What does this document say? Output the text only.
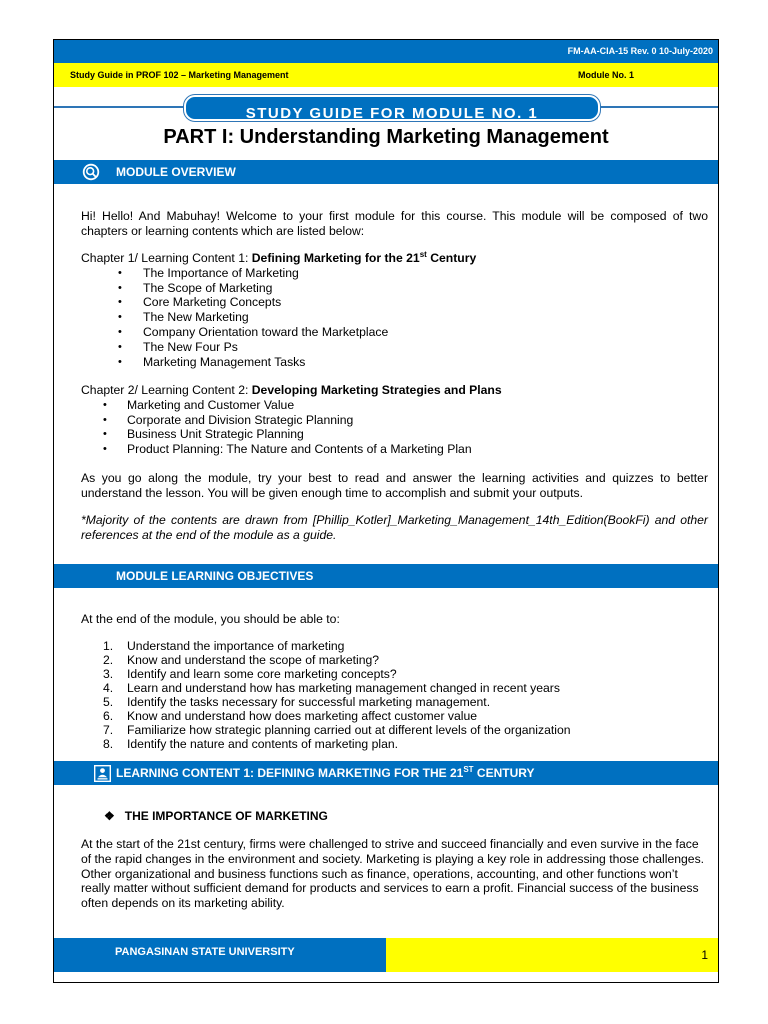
FM-AA-CIA-15 Rev. 0 10-July-2020
Study Guide in PROF 102 – Marketing Management	Module No. 1
STUDY GUIDE FOR MODULE NO. 1
PART I: Understanding Marketing Management
MODULE OVERVIEW
Hi! Hello! And Mabuhay! Welcome to your first module for this course. This module will be composed of two chapters or learning contents which are listed below:
Chapter 1/ Learning Content 1: Defining Marketing for the 21st Century
• The Importance of Marketing
• The Scope of Marketing
• Core Marketing Concepts
• The New Marketing
• Company Orientation toward the Marketplace
• The New Four Ps
• Marketing Management Tasks
Chapter 2/ Learning Content 2: Developing Marketing Strategies and Plans
• Marketing and Customer Value
• Corporate and Division Strategic Planning
• Business Unit Strategic Planning
• Product Planning: The Nature and Contents of a Marketing Plan
As you go along the module, try your best to read and answer the learning activities and quizzes to better understand the lesson. You will be given enough time to accomplish and submit your outputs.
*Majority of the contents are drawn from [Phillip_Kotler]_Marketing_Management_14th_Edition(BookFi) and other references at the end of the module as a guide.
MODULE LEARNING OBJECTIVES
At the end of the module, you should be able to:
1. Understand the importance of marketing
2. Know and understand the scope of marketing?
3. Identify and learn some core marketing concepts?
4. Learn and understand how has marketing management changed in recent years
5. Identify the tasks necessary for successful marketing management.
6. Know and understand how does marketing affect customer value
7. Familiarize how strategic planning carried out at different levels of the organization
8. Identify the nature and contents of marketing plan.
LEARNING CONTENT 1: DEFINING MARKETING FOR THE 21ST CENTURY
❖ THE IMPORTANCE OF MARKETING
At the start of the 21st century, firms were challenged to strive and succeed financially and even survive in the face of the rapid changes in the environment and society. Marketing is playing a key role in addressing those challenges. Other organizational and business functions such as finance, operations, accounting, and other functions won’t really matter without sufficient demand for products and services to earn a profit. Financial success of the business often depends on its marketing ability.
PANGASINAN STATE UNIVERSITY	1
